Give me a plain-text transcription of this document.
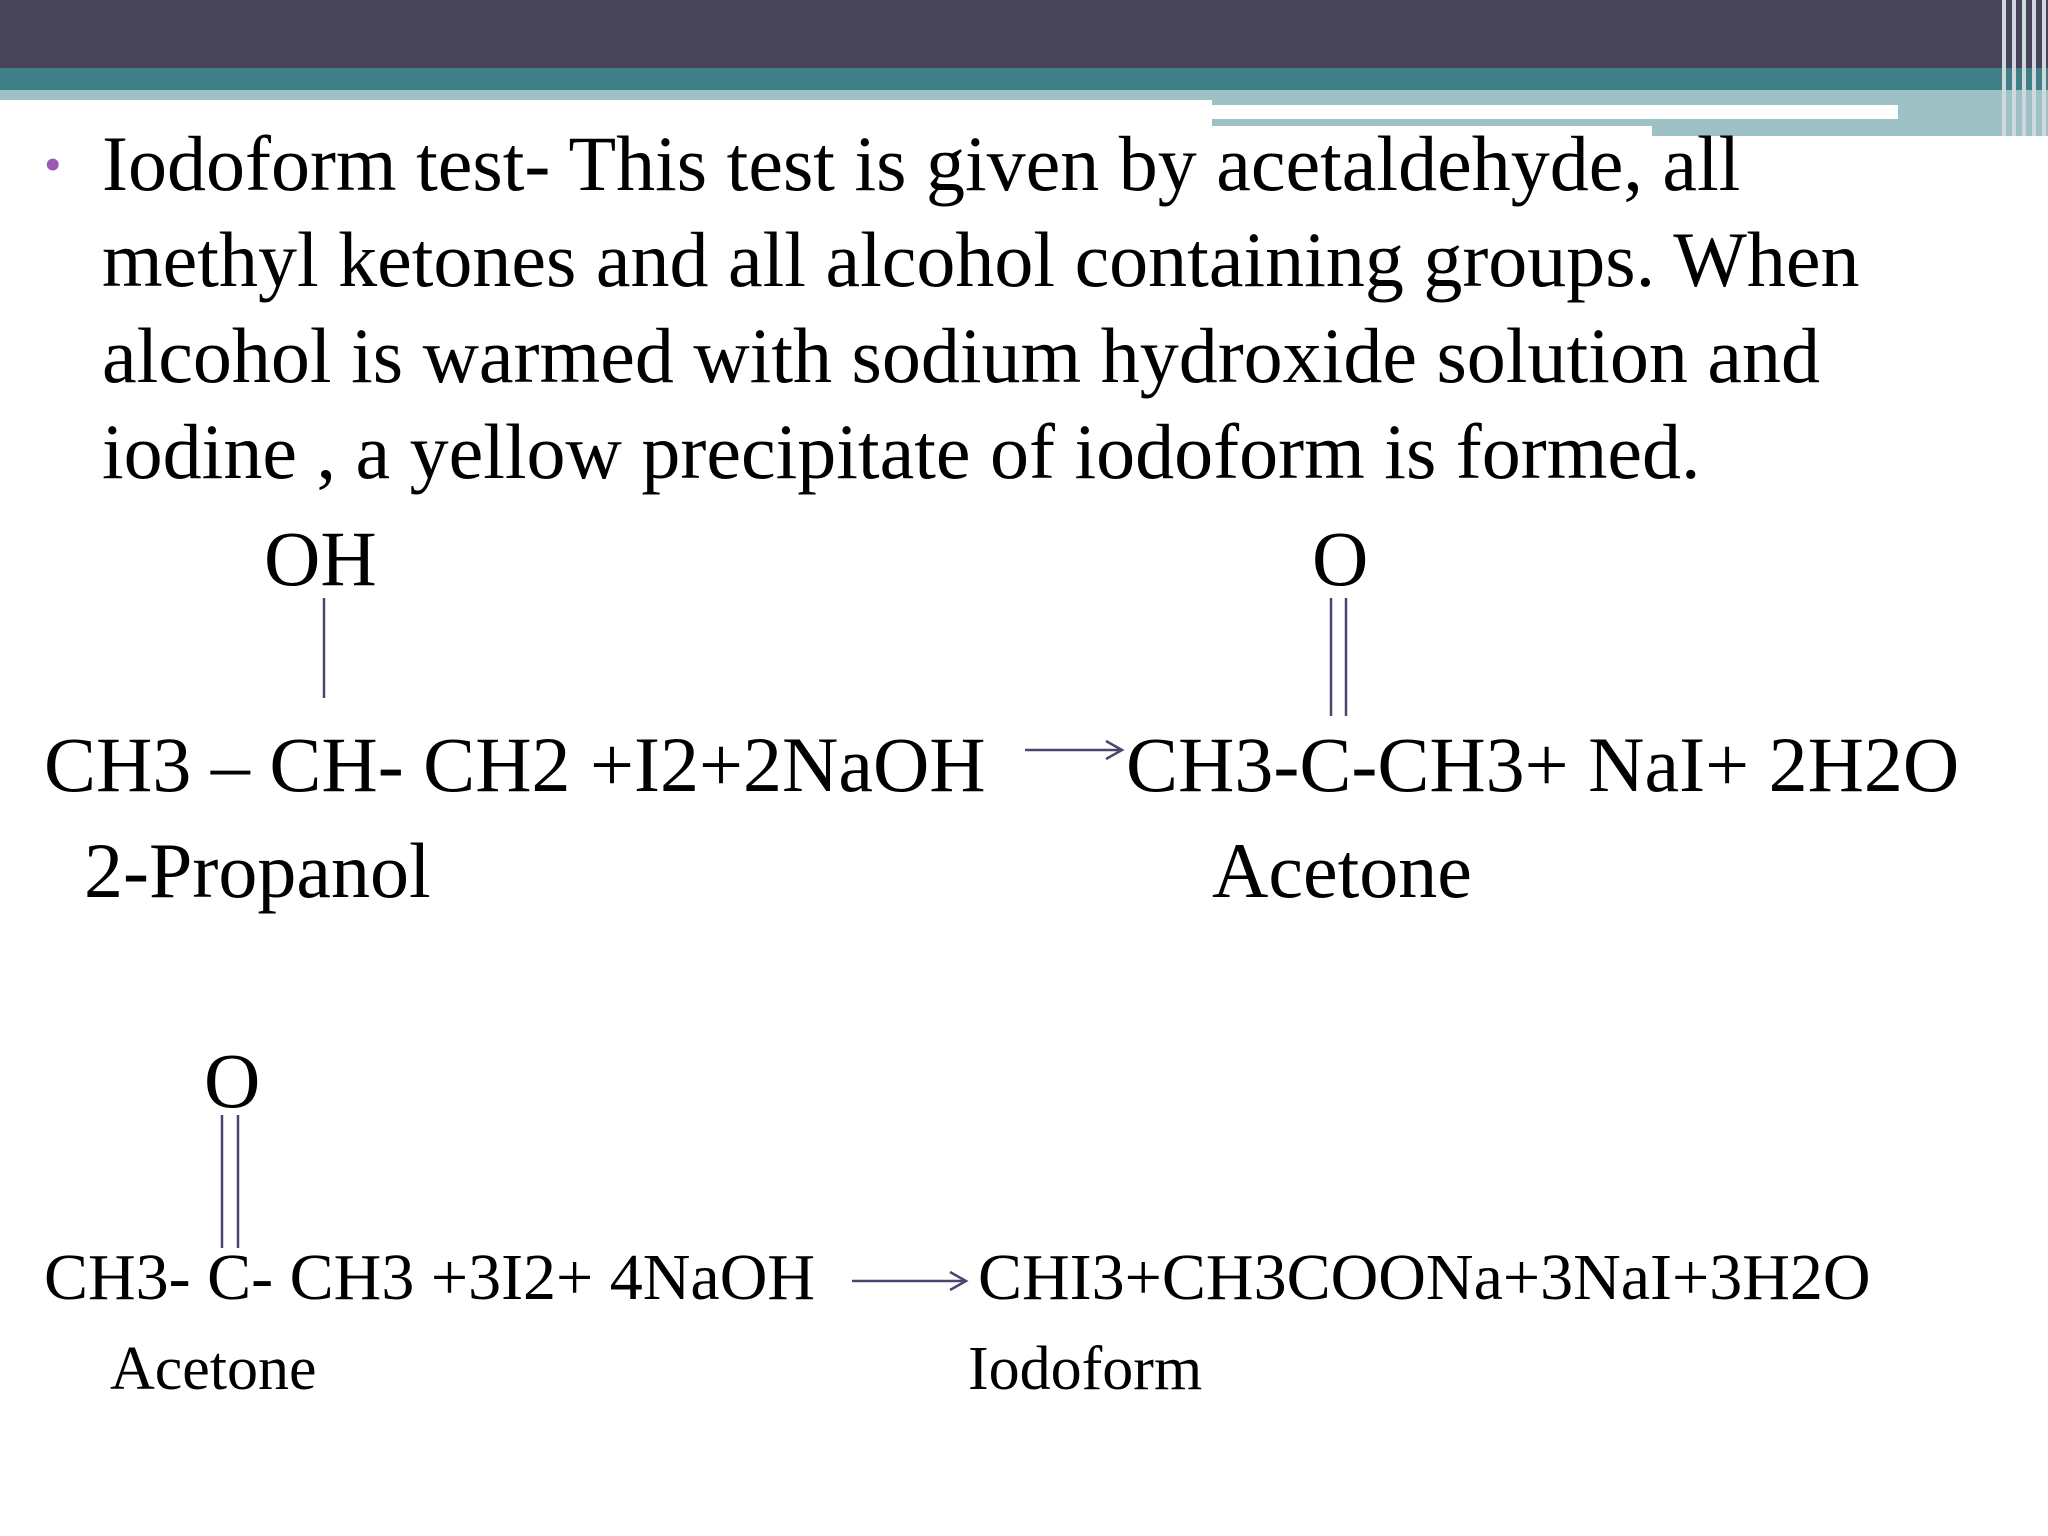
• Iodoform test- This test is given by acetaldehyde, all methyl ketones and all alcohol containing groups. When alcohol is warmed with sodium hydroxide solution and iodine , a yellow precipitate of iodoform is formed.
OH	O
CH3 – CH- CH2 +I2+2NaOH CH3-C-CH3+ NaI+ 2H2O
2-Propanol	Acetone
O
CH3- C- CH3 +3I2+ 4NaOH CHI3+CH3COONa+3NaI+3H2O
Acetone	Iodoform
